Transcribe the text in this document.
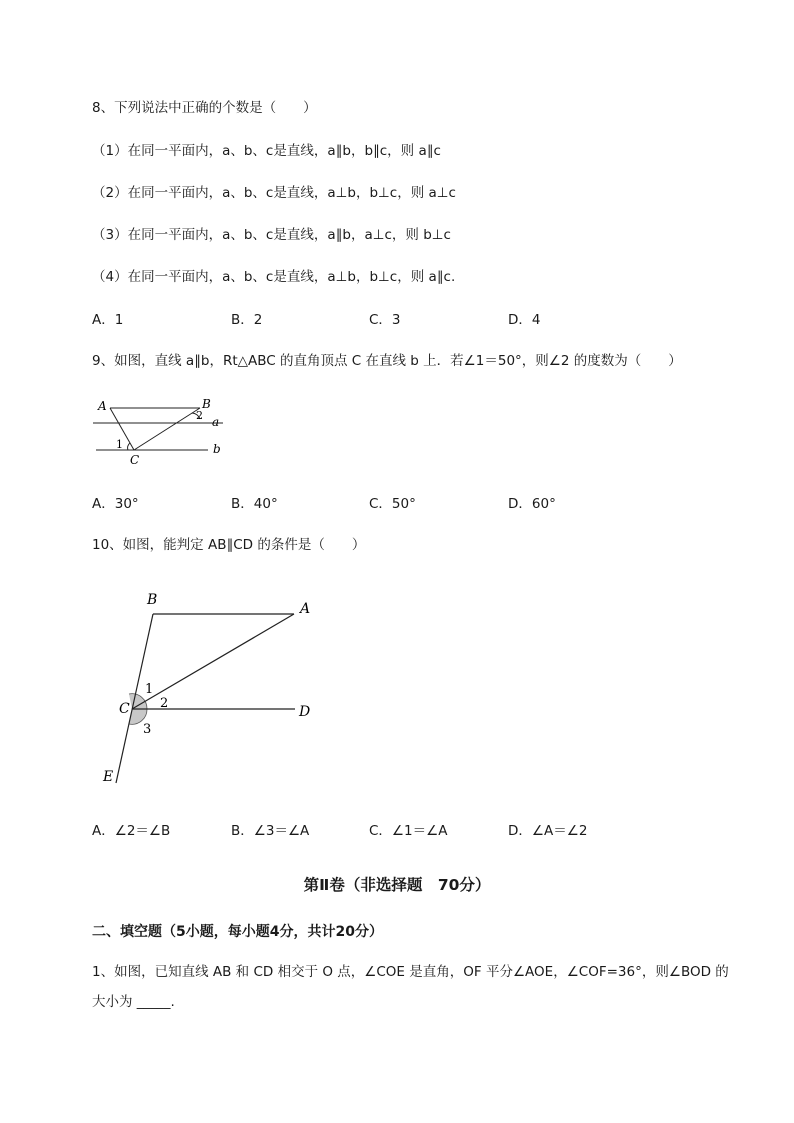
8、下列说法中正确的个数是（　　）
（1）在同一平面内，a、b、c是直线，a∥b，b∥c，则 a∥c
（2）在同一平面内，a、b、c是直线，a⊥b，b⊥c，则 a⊥c
（3）在同一平面内，a、b、c是直线，a∥b，a⊥c，则 b⊥c
（4）在同一平面内，a、b、c是直线，a⊥b，b⊥c，则 a∥c.
A．1	B．2	C．3	D．4
9、如图，直线 a∥b，Rt△ABC 的直角顶点 C 在直线 b 上．若∠1＝50°，则∠2 的度数为（　　）
A	B
C
a
b
1
2
A．30°	B．40°	C．50°	D．60°
10、如图，能判定 AB∥CD 的条件是（　　）
B
A
C	D
E
1
2
3
A．∠2＝∠B	B．∠3＝∠A	C．∠1＝∠A	D．∠A＝∠2
第Ⅱ卷（非选择题　70分）
二、填空题（5小题，每小题4分，共计20分）
1、如图，已知直线 AB 和 CD 相交于 O 点，∠COE 是直角，OF 平分∠AOE，∠COF=36°，则∠BOD 的
大小为 _____.
